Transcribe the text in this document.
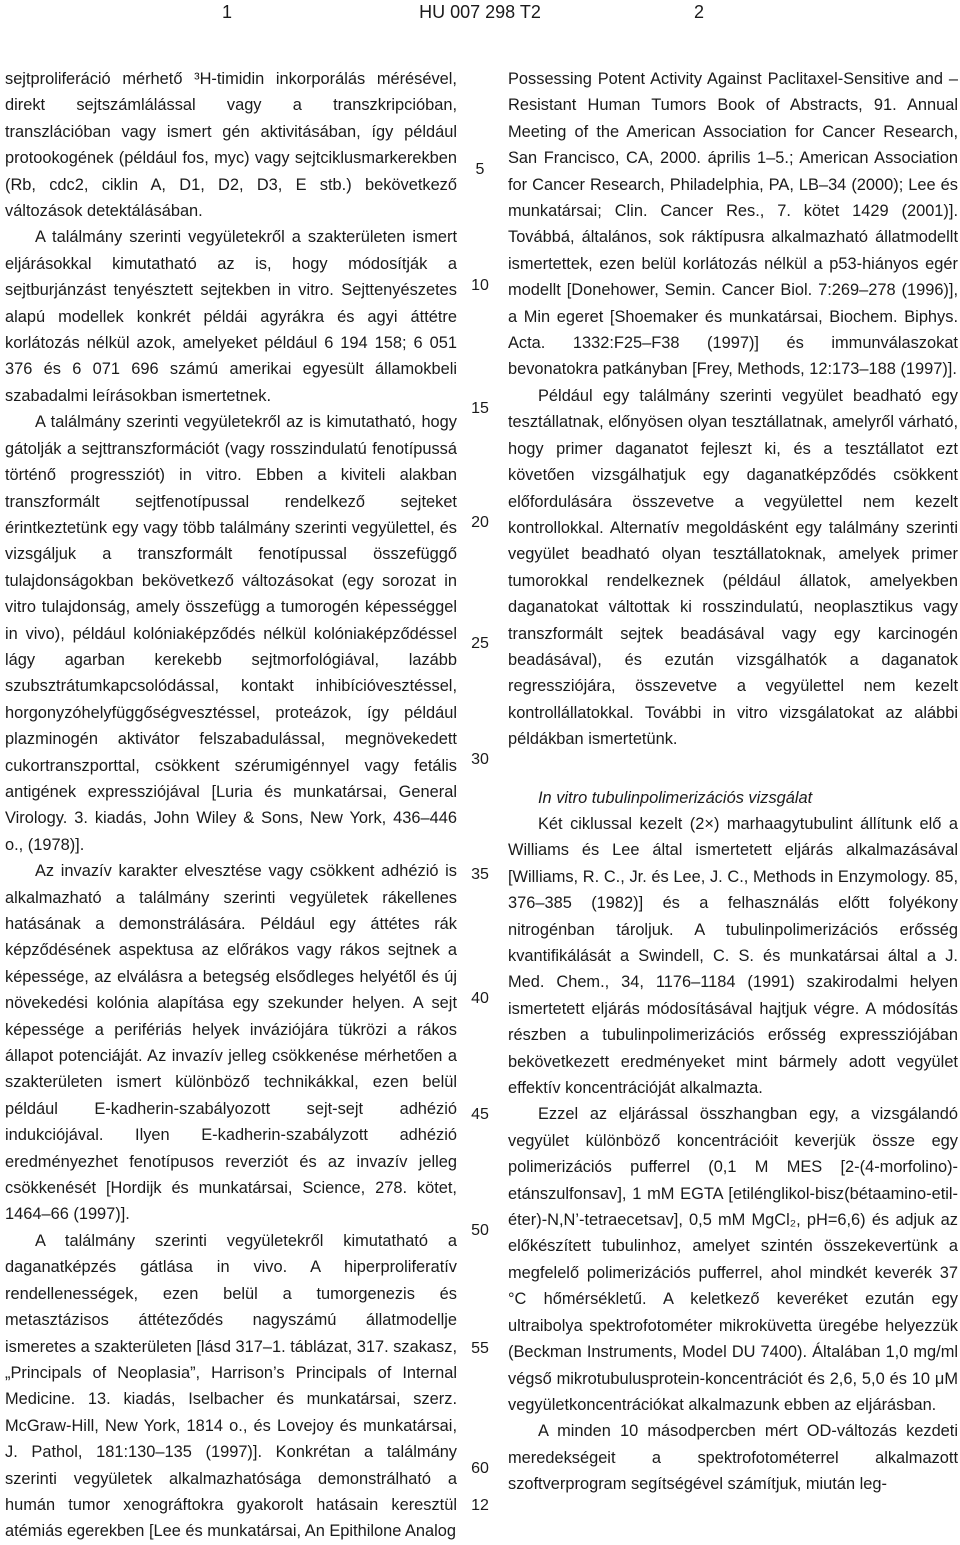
1	HU 007 298 T2	2

sejtproliferáció mérhető ³H-timidin inkorporálás mérésével, direkt sejtszámlálással vagy a transzkripcióban, transzlációban vagy ismert gén aktivitásában, így például protookogének (például fos, myc) vagy sejtciklusmarkerekben (Rb, cdc2, ciklin A, D1, D2, D3, E stb.) bekövetkező változások detektálásában.

A találmány szerinti vegyületekről a szakterületen ismert eljárásokkal kimutatható az is, hogy módosítják a sejtburjánzást tenyésztett sejtekben in vitro. Sejttenyészetes alapú modellek konkrét példái agyrákra és agyi áttétre korlátozás nélkül azok, amelyeket például 6 194 158; 6 051 376 és 6 071 696 számú amerikai egyesült államokbeli szabadalmi leírásokban ismertetnek.

A találmány szerinti vegyületekről az is kimutatható, hogy gátolják a sejttranszformációt (vagy rosszindulatú fenotípussá történő progressziót) in vitro. Ebben a kiviteli alakban transzformált sejtfenotípussal rendelkező sejteket érintkeztetünk egy vagy több találmány szerinti vegyülettel, és vizsgáljuk a transzformált fenotípussal összefüggő tulajdonságokban bekövetkező változásokat (egy sorozat in vitro tulajdonság, amely összefügg a tumorogén képességgel in vivo), például kolóniaképződés nélkül kolóniaképződéssel lágy agarban kerekebb sejtmorfológiával, lazább szubsztrátumkapcsolódással, kontakt inhibícióvesztéssel, horgonyzóhelyfüggőségvesztéssel, proteázok, így például plazminogén aktivátor felszabadulással, megnövekedett cukortranszporttal, csökkent szérumigénnyel vagy fetális antigének expressziójával [Luria és munkatársai, General Virology. 3. kiadás, John Wiley & Sons, New York, 436–446 o., (1978)].

Az invazív karakter elvesztése vagy csökkent adhézió is alkalmazható a találmány szerinti vegyületek rákellenes hatásának a demonstrálására. Például egy áttétes rák képződésének aspektusa az előrákos vagy rákos sejtnek a képessége, az elválásra a betegség elsődleges helyétől és új növekedési kolónia alapítása egy szekunder helyen. A sejt képessége a perifériás helyek inváziójára tükrözi a rákos állapot potenciáját. Az invazív jelleg csökkenése mérhetően a szakterületen ismert különböző technikákkal, ezen belül például E-kadherin-szabályozott sejt-sejt adhézió indukciójával. Ilyen E-kadherin-szabályzott adhézió eredményezhet fenotípusos reverziót és az invazív jelleg csökkenését [Hordijk és munkatársai, Science, 278. kötet, 1464–66 (1997)].

A találmány szerinti vegyületekről kimutatható a daganatképzés gátlása in vivo. A hiperproliferatív rendellenességek, ezen belül a tumorgenezis és metasztázisos áttéteződés nagyszámú állatmodellje ismeretes a szakterületen [lásd 317–1. táblázat, 317. szakasz, „Principals of Neoplasia”, Harrison’s Principals of Internal Medicine. 13. kiadás, Iselbacher és munkatársai, szerz. McGraw-Hill, New York, 1814 o., és Lovejoy és munkatársai, J. Pathol, 181:130–135 (1997)]. Konkrétan a találmány szerinti vegyületek alkalmazhatósága demonstrálható a humán tumor xenográftokra gyakorolt hatásain keresztül atémiás egerekben [Lee és munkatársai, An Epithilone Analog

5
10
15
20
25
30
35
40
45
50
55
60

Possessing Potent Activity Against Paclitaxel-Sensitive and – Resistant Human Tumors Book of Abstracts, 91. Annual Meeting of the American Association for Cancer Research, San Francisco, CA, 2000. április 1–5.; American Association for Cancer Research, Philadelphia, PA, LB–34 (2000); Lee és munkatársai; Clin. Cancer Res., 7. kötet 1429 (2001)]. Továbbá, általános, sok ráktípusra alkalmazható állatmodellt ismertettek, ezen belül korlátozás nélkül a p53-hiányos egér modellt [Donehower, Semin. Cancer Biol. 7:269–278 (1996)], a Min egeret [Shoemaker és munkatársai, Biochem. Biphys. Acta. 1332:F25–F38 (1997)] és immunválaszokat bevonatokra patkányban [Frey, Methods, 12:173–188 (1997)].

Például egy találmány szerinti vegyület beadható egy tesztállatnak, előnyösen olyan tesztállatnak, amelyről várható, hogy primer daganatot fejleszt ki, és a tesztállatot ezt követően vizsgálhatjuk egy daganatképződés csökkent előfordulására összevetve a vegyülettel nem kezelt kontrollokkal. Alternatív megoldásként egy találmány szerinti vegyület beadható olyan tesztállatoknak, amelyek primer tumorokkal rendelkeznek (például állatok, amelyekben daganatokat váltottak ki rosszindulatú, neoplasztikus vagy transzformált sejtek beadásával vagy egy karcinogén beadásával), és ezután vizsgálhatók a daganatok regressziójára, összevetve a vegyülettel nem kezelt kontrollállatokkal. További in vitro vizsgálatokat az alábbi példákban ismertetünk.

In vitro tubulinpolimerizációs vizsgálat

Két ciklussal kezelt (2×) marhaagytubulint állítunk elő a Williams és Lee által ismertetett eljárás alkalmazásával [Williams, R. C., Jr. és Lee, J. C., Methods in Enzymology. 85, 376–385 (1982)] és a felhasználás előtt folyékony nitrogénban tároljuk. A tubulinpolimerizációs erősség kvantifikálását a Swindell, C. S. és munkatársai által a J. Med. Chem., 34, 1176–1184 (1991) szakirodalmi helyen ismertetett eljárás módosításával hajtjuk végre. A módosítás részben a tubulinpolimerizációs erősség expressziójában bekövetkezett eredményeket mint bármely adott vegyület effektív koncentrációját alkalmazta.

Ezzel az eljárással összhangban egy, a vizsgálandó vegyület különböző koncentrációit keverjük össze egy polimerizációs pufferrel (0,1 M MES [2-(4-morfolino)-etánszulfonsav], 1 mM EGTA [etilénglikol-bisz(bétaamino-etil-éter)-N,N’-tetraecetsav], 0,5 mM MgCl₂, pH=6,6) és adjuk az előkészített tubulinhoz, amelyet szintén összekevertünk a megfelelő polimerizációs pufferrel, ahol mindkét keverék 37 °C hőmérsékletű. A keletkező keveréket ezután egy ultraibolya spektrofotométer mikroküvetta üregébe helyezzük (Beckman Instruments, Model DU 7400). Általában 1,0 mg/ml végső mikrotubulusprotein-koncentrációt és 2,6, 5,0 és 10 μM vegyületkoncentrációkat alkalmazunk ebben az eljárásban.

A minden 10 másodpercben mért OD-változás kezdeti meredekségeit a spektrofotométerrel alkalmazott szoftverprogram segítségével számítjuk, miután leg-

12
